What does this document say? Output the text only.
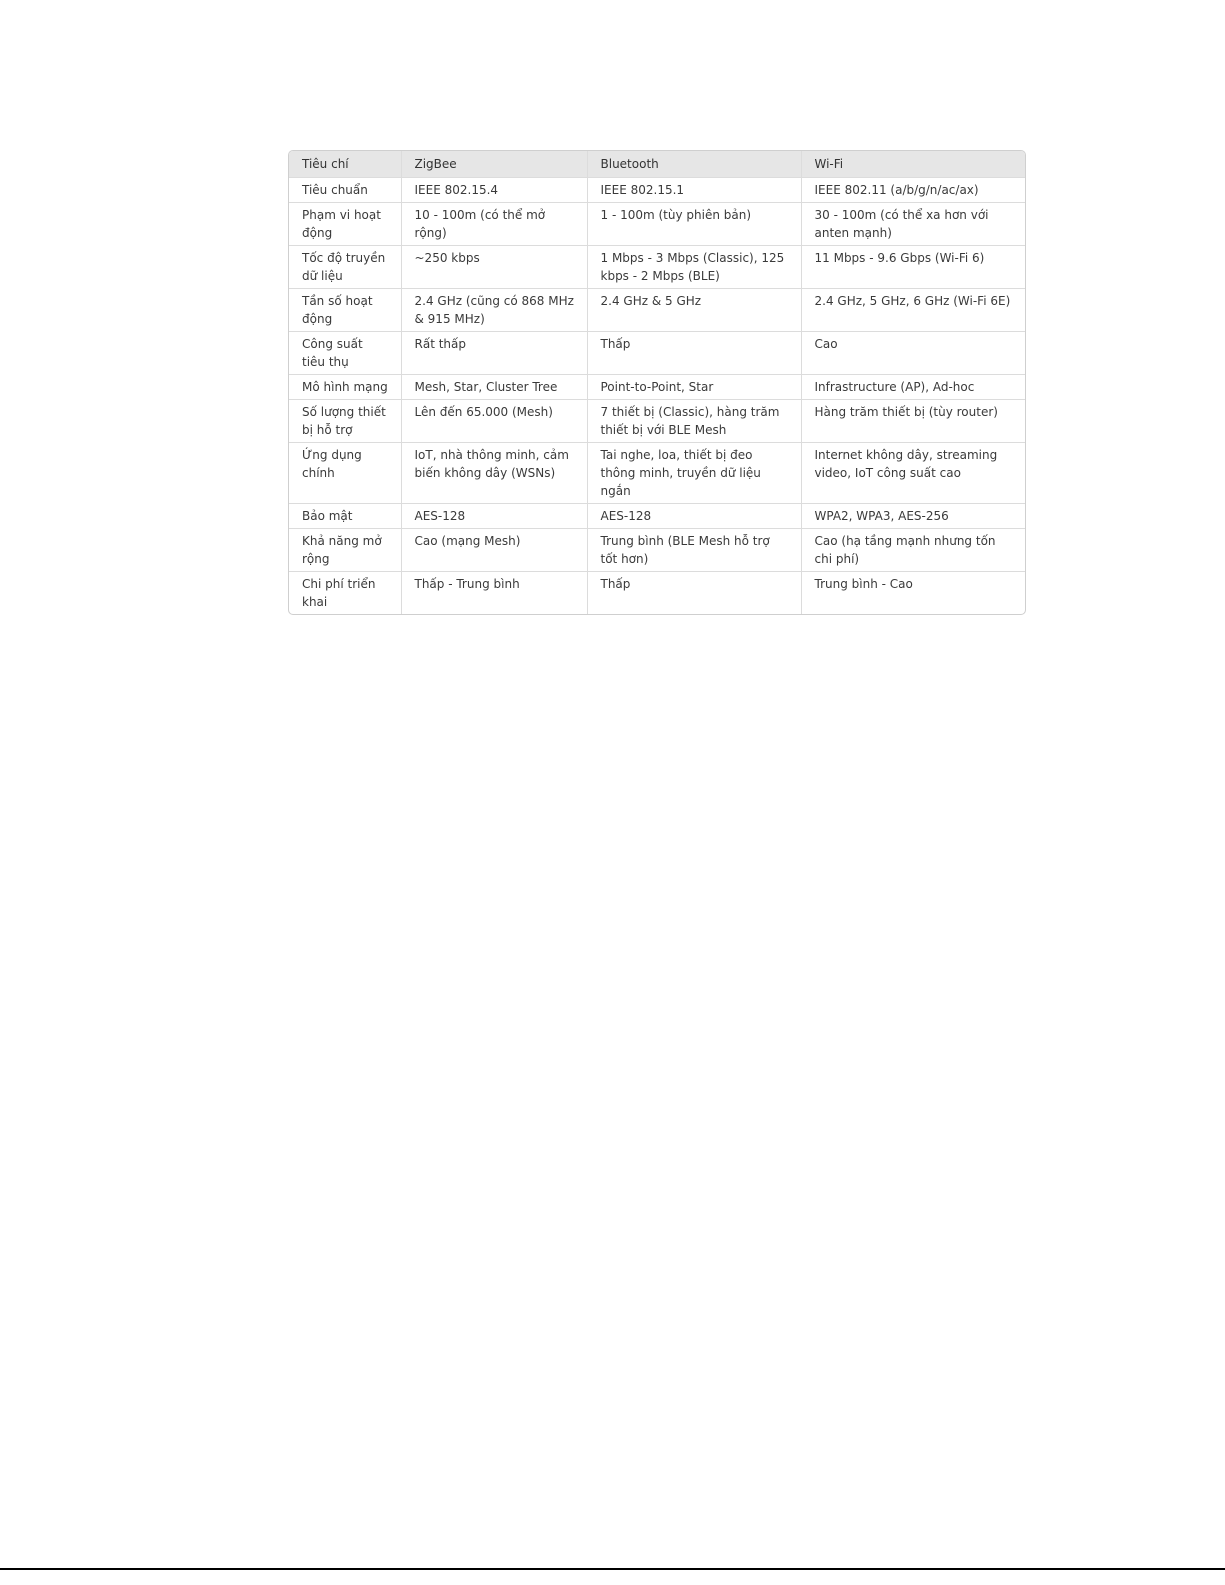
Tiêu chí	ZigBee	Bluetooth	Wi-Fi
Tiêu chuẩn	IEEE 802.15.4	IEEE 802.15.1	IEEE 802.11 (a/b/g/n/ac/ax)
Phạm vi hoạt động	10 - 100m (có thể mở rộng)	1 - 100m (tùy phiên bản)	30 - 100m (có thể xa hơn với anten mạnh)
Tốc độ truyền dữ liệu	~250 kbps	1 Mbps - 3 Mbps (Classic), 125 kbps - 2 Mbps (BLE)	11 Mbps - 9.6 Gbps (Wi-Fi 6)
Tần số hoạt động	2.4 GHz (cũng có 868 MHz & 915 MHz)	2.4 GHz & 5 GHz	2.4 GHz, 5 GHz, 6 GHz (Wi-Fi 6E)
Công suất tiêu thụ	Rất thấp	Thấp	Cao
Mô hình mạng	Mesh, Star, Cluster Tree	Point-to-Point, Star	Infrastructure (AP), Ad-hoc
Số lượng thiết bị hỗ trợ	Lên đến 65.000 (Mesh)	7 thiết bị (Classic), hàng trăm thiết bị với BLE Mesh	Hàng trăm thiết bị (tùy router)
Ứng dụng chính	IoT, nhà thông minh, cảm biến không dây (WSNs)	Tai nghe, loa, thiết bị đeo thông minh, truyền dữ liệu ngắn	Internet không dây, streaming video, IoT công suất cao
Bảo mật	AES-128	AES-128	WPA2, WPA3, AES-256
Khả năng mở rộng	Cao (mạng Mesh)	Trung bình (BLE Mesh hỗ trợ tốt hơn)	Cao (hạ tầng mạnh nhưng tốn chi phí)
Chi phí triển khai	Thấp - Trung bình	Thấp	Trung bình - Cao
